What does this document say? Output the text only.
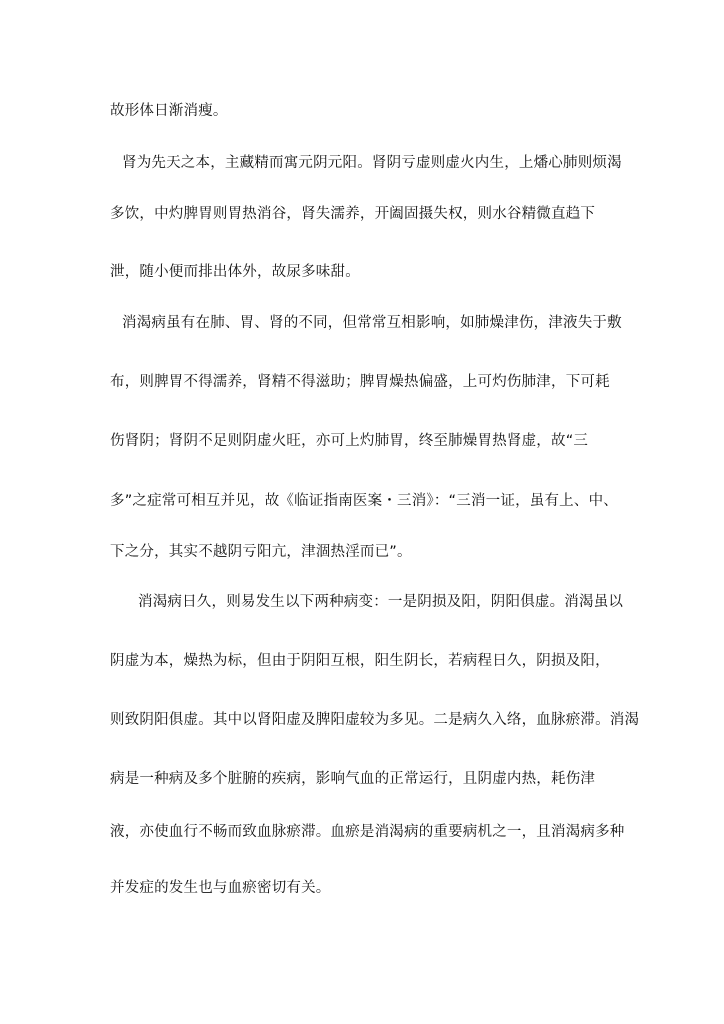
故形体日渐消瘦。
肾为先天之本，主藏精而寓元阴元阳。肾阴亏虚则虚火内生，上燔心肺则烦渴
多饮，中灼脾胃则胃热消谷，肾失濡养，开阖固摄失权，则水谷精微直趋下
泄，随小便而排出体外，故尿多味甜。
消渴病虽有在肺、胃、肾的不同，但常常互相影响，如肺燥津伤，津液失于敷
布，则脾胃不得濡养，肾精不得滋助；脾胃燥热偏盛，上可灼伤肺津，下可耗
伤肾阴；肾阴不足则阴虚火旺，亦可上灼肺胃，终至肺燥胃热肾虚，故“三
多”之症常可相互并见，故《临证指南医案・三消》：“三消一证，虽有上、中、
下之分，其实不越阴亏阳亢，津涸热淫而已”。
消渴病日久，则易发生以下两种病变：一是阴损及阳，阴阳俱虚。消渴虽以
阴虚为本，燥热为标，但由于阴阳互根，阳生阴长，若病程日久，阴损及阳，
则致阴阳俱虚。其中以肾阳虚及脾阳虚较为多见。二是病久入络，血脉瘀滞。消渴
病是一种病及多个脏腑的疾病，影响气血的正常运行，且阴虚内热，耗伤津
液，亦使血行不畅而致血脉瘀滞。血瘀是消渴病的重要病机之一，且消渴病多种
并发症的发生也与血瘀密切有关。
